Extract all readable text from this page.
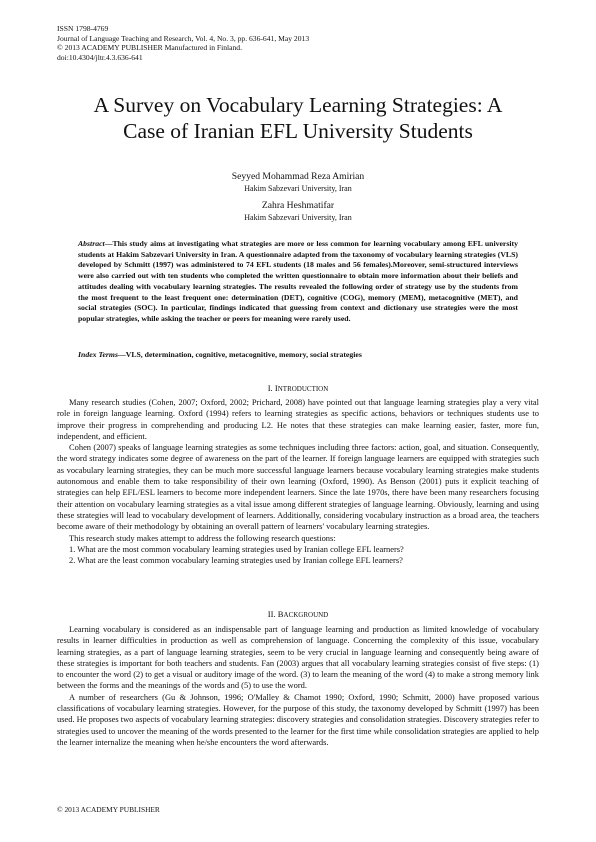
ISSN 1798-4769
Journal of Language Teaching and Research, Vol. 4, No. 3, pp. 636-641, May 2013
© 2013 ACADEMY PUBLISHER Manufactured in Finland.
doi:10.4304/jltr.4.3.636-641
A Survey on Vocabulary Learning Strategies: A
Case of Iranian EFL University Students
Seyyed Mohammad Reza Amirian
Hakim Sabzevari University, Iran
Zahra Heshmatifar
Hakim Sabzevari University, Iran
Abstract—This study aims at investigating what strategies are more or less common for learning vocabulary among EFL university students at Hakim Sabzevari University in Iran. A questionnaire adapted from the taxonomy of vocabulary learning strategies (VLS) developed by Schmitt (1997) was administered to 74 EFL students (18 males and 56 females).Moreover, semi-structured interviews were also carried out with ten students who completed the written questionnaire to obtain more information about their beliefs and attitudes dealing with vocabulary learning strategies. The results revealed the following order of strategy use by the students from the most frequent to the least frequent one: determination (DET), cognitive (COG), memory (MEM), metacognitive (MET), and social strategies (SOC). In particular, findings indicated that guessing from context and dictionary use strategies were the most popular strategies, while asking the teacher or peers for meaning were rarely used.
Index Terms—VLS, determination, cognitive, metacognitive, memory, social strategies
I. INTRODUCTION

Many research studies (Cohen, 2007; Oxford, 2002; Prichard, 2008) have pointed out that language learning strategies play a very vital role in foreign language learning. Oxford (1994) refers to learning strategies as specific actions, behaviors or techniques students use to improve their progress in comprehending and producing L2. He notes that these strategies can make learning easier, faster, more fun, independent, and efficient.

Cohen (2007) speaks of language learning strategies as some techniques including three factors: action, goal, and situation. Consequently, the word strategy indicates some degree of awareness on the part of the learner. If foreign language learners are equipped with strategies such as vocabulary learning strategies, they can be much more successful language learners because vocabulary learning strategies make students autonomous and enable them to take responsibility of their own learning (Oxford, 1990). As Benson (2001) puts it explicit teaching of strategies can help EFL/ESL learners to become more independent learners. Since the late 1970s, there have been many researchers focusing their attention on vocabulary learning strategies as a vital issue among different strategies of language learning. Obviously, learning and using these strategies will lead to vocabulary development of learners. Additionally, considering vocabulary instruction as a broad area, the teachers become aware of their methodology by obtaining an overall pattern of learners' vocabulary learning strategies.

This research study makes attempt to address the following research questions:

1. What are the most common vocabulary learning strategies used by Iranian college EFL learners?

2. What are the least common vocabulary learning strategies used by Iranian college EFL learners?

II. BACKGROUND

Learning vocabulary is considered as an indispensable part of language learning and production as limited knowledge of vocabulary results in learner difficulties in production as well as comprehension of language. Concerning the complexity of this issue, vocabulary learning strategies, as a part of language learning strategies, seem to be very crucial in language learning and consequently being aware of these strategies is important for both teachers and students. Fan (2003) argues that all vocabulary learning strategies consist of five steps: (1) to encounter the word (2) to get a visual or auditory image of the word. (3) to learn the meaning of the word (4) to make a strong memory link between the forms and the meanings of the words and (5) to use the word.

A number of researchers (Gu & Johnson, 1996; O'Malley & Chamot 1990; Oxford, 1990; Schmitt, 2000) have proposed various classifications of vocabulary learning strategies. However, for the purpose of this study, the taxonomy developed by Schmitt (1997) has been used. He proposes two aspects of vocabulary learning strategies: discovery strategies and consolidation strategies. Discovery strategies refer to strategies used to uncover the meaning of the words presented to the learner for the first time while consolidation strategies are applied to help the learner internalize the meaning when he/she encounters the word afterwards.

© 2013 ACADEMY PUBLISHER
